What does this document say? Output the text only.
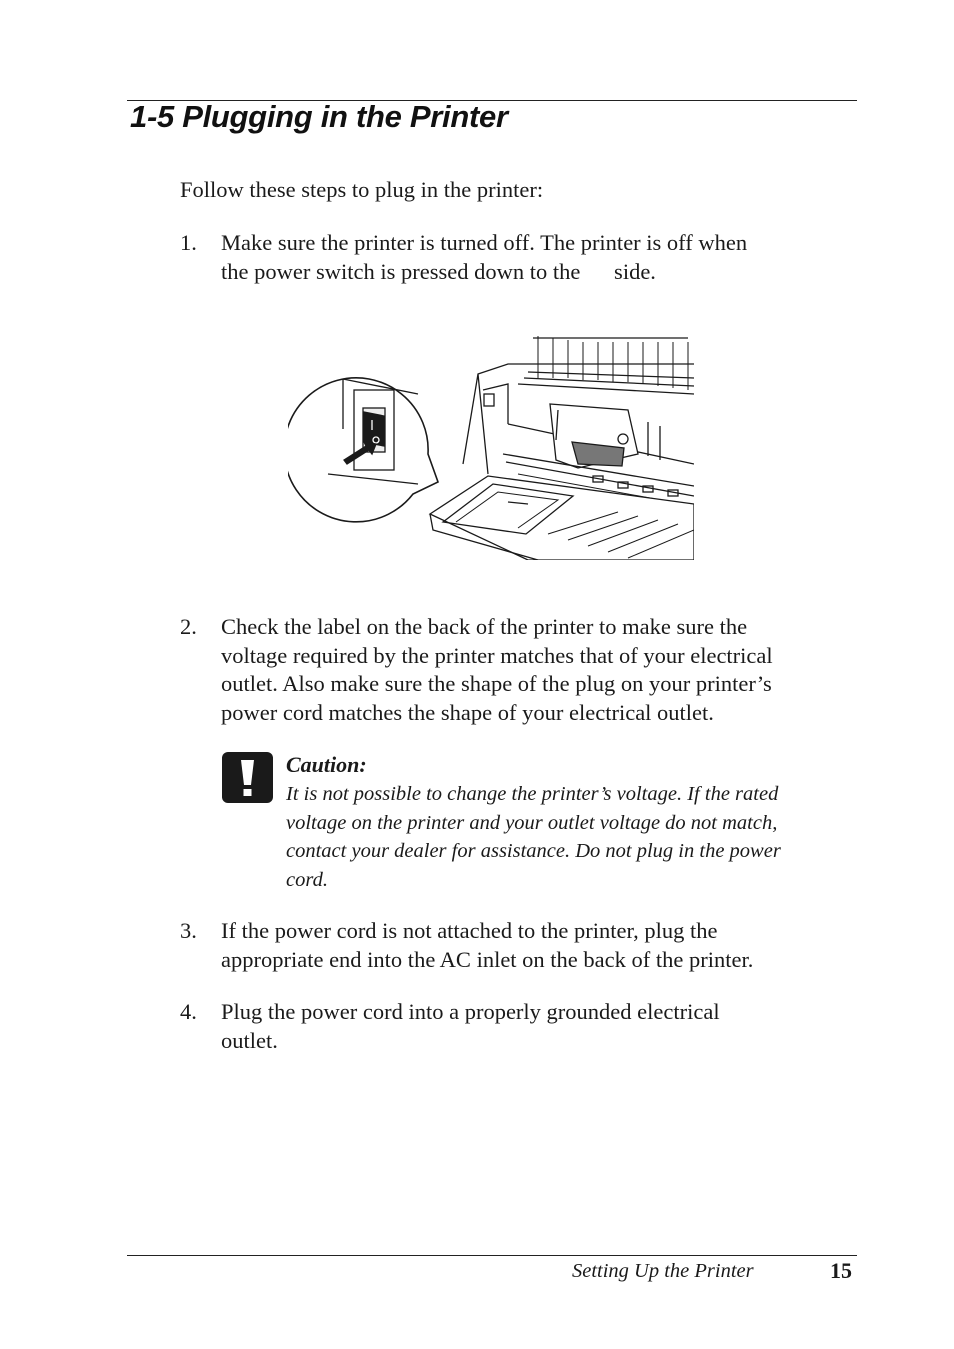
1-5 Plugging in the Printer
Follow these steps to plug in the printer:
1. Make sure the printer is turned off. The printer is off when
the power switch is pressed down to the      side.
2. Check the label on the back of the printer to make sure the
voltage required by the printer matches that of your electrical
outlet. Also make sure the shape of the plug on your printer’s
power cord matches the shape of your electrical outlet.
Caution:
It is not possible to change the printer’s voltage. If the rated
voltage on the printer and your outlet voltage do not match,
contact your dealer for assistance. Do not plug in the power
cord.
3. If the power cord is not attached to the printer, plug the
appropriate end into the AC inlet on the back of the printer.
4. Plug the power cord into a properly grounded electrical
outlet.
Setting Up the Printer	15
